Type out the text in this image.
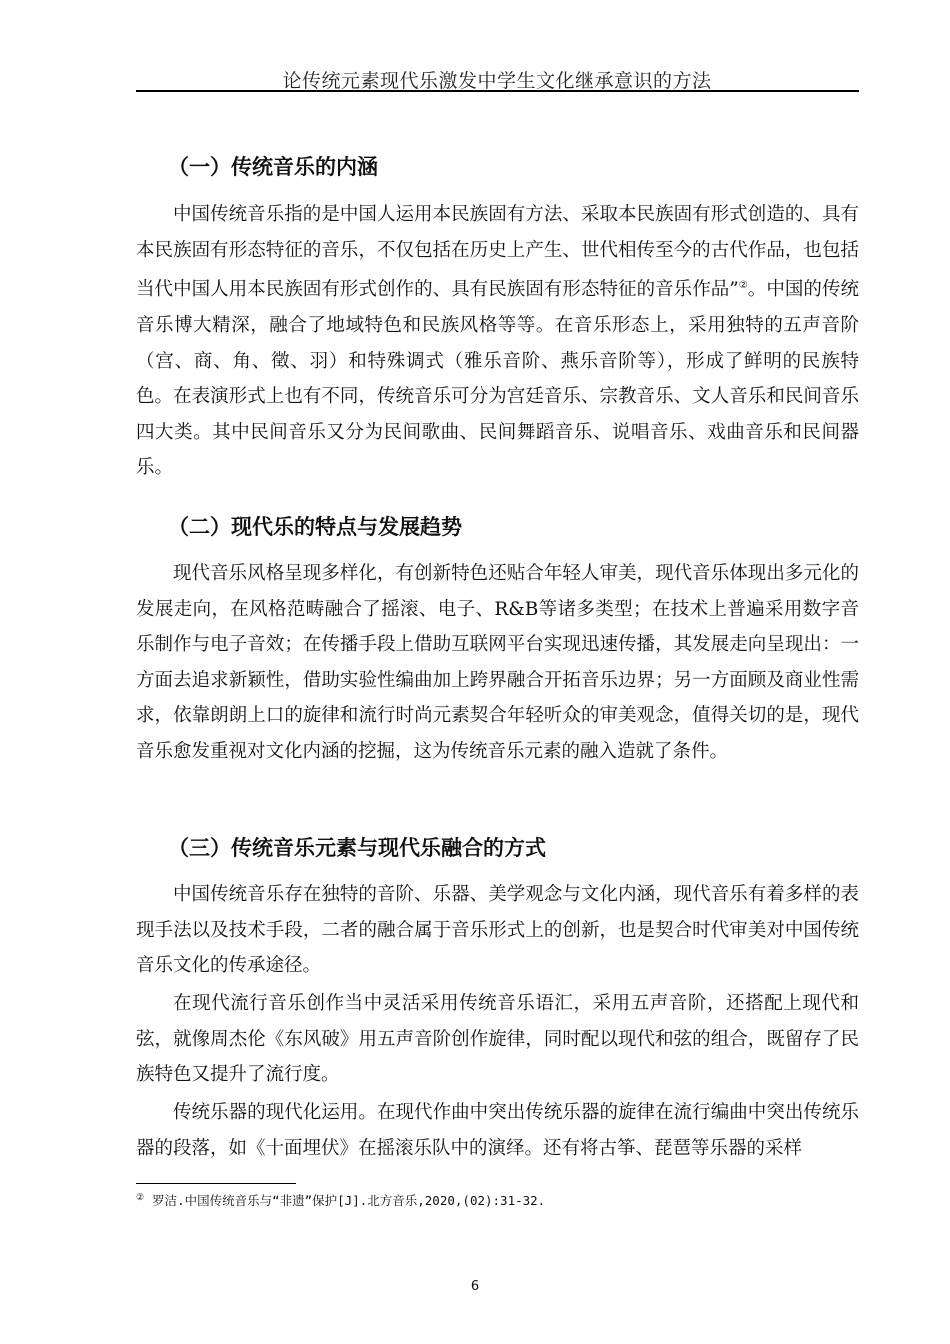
论传统元素现代乐激发中学生文化继承意识的方法
（一）传统音乐的内涵

中国传统音乐指的是中国人运用本民族固有方法、采取本民族固有形式创造的、具有本民族固有形态特征的音乐，不仅包括在历史上产生、世代相传至今的古代作品，也包括当代中国人用本民族固有形式创作的、具有民族固有形态特征的音乐作品”②。中国的传统音乐博大精深，融合了地域特色和民族风格等等。在音乐形态上，采用独特的五声音阶（宫、商、角、徵、羽）和特殊调式（雅乐音阶、燕乐音阶等），形成了鲜明的民族特色。在表演形式上也有不同，传统音乐可分为宫廷音乐、宗教音乐、文人音乐和民间音乐四大类。其中民间音乐又分为民间歌曲、民间舞蹈音乐、说唱音乐、戏曲音乐和民间器乐。

（二）现代乐的特点与发展趋势

现代音乐风格呈现多样化，有创新特色还贴合年轻人审美，现代音乐体现出多元化的发展走向，在风格范畴融合了摇滚、电子、R&B等诸多类型；在技术上普遍采用数字音乐制作与电子音效；在传播手段上借助互联网平台实现迅速传播，其发展走向呈现出：一方面去追求新颖性，借助实验性编曲加上跨界融合开拓音乐边界；另一方面顾及商业性需求，依靠朗朗上口的旋律和流行时尚元素契合年轻听众的审美观念，值得关切的是，现代音乐愈发重视对文化内涵的挖掘，这为传统音乐元素的融入造就了条件。

（三）传统音乐元素与现代乐融合的方式

中国传统音乐存在独特的音阶、乐器、美学观念与文化内涵，现代音乐有着多样的表现手法以及技术手段，二者的融合属于音乐形式上的创新，也是契合时代审美对中国传统音乐文化的传承途径。

在现代流行音乐创作当中灵活采用传统音乐语汇，采用五声音阶，还搭配上现代和弦，就像周杰伦《东风破》用五声音阶创作旋律，同时配以现代和弦的组合，既留存了民族特色又提升了流行度。

传统乐器的现代化运用。在现代作曲中突出传统乐器的旋律在流行编曲中突出传统乐器的段落，如《十面埋伏》在摇滚乐队中的演绎。还有将古筝、琵琶等乐器的采样

② 罗洁.中国传统音乐与“非遗”保护[J].北方音乐,2020,(02):31-32.
6
